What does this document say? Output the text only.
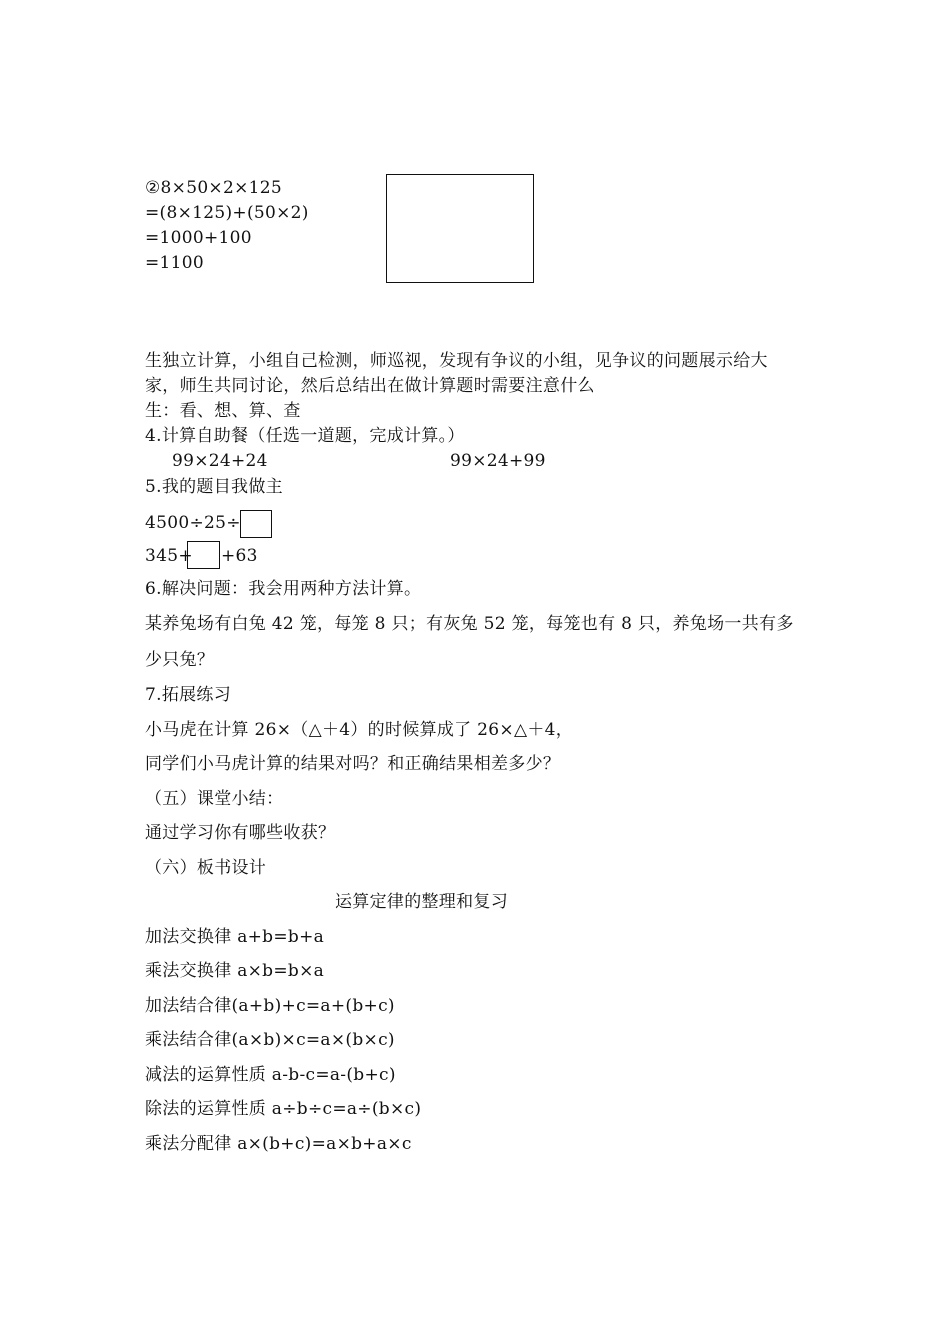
②8×50×2×125
=(8×125)+(50×2)
=1000+100
=1100
生独立计算，小组自己检测，师巡视，发现有争议的小组，见争议的问题展示给大
家，师生共同讨论，然后总结出在做计算题时需要注意什么
生：看、想、算、查
4.计算自助餐（任选一道题，完成计算。）
99×24+24	99×24+99
5.我的题目我做主
4500÷25÷
345+ +63
6.解决问题：我会用两种方法计算。
某养兔场有白兔 42 笼，每笼 8 只；有灰兔 52 笼，每笼也有 8 只，养兔场一共有多
少只兔？
7.拓展练习
小马虎在计算 26×（△＋4）的时候算成了 26×△＋4，
同学们小马虎计算的结果对吗？和正确结果相差多少？
（五）课堂小结：
通过学习你有哪些收获？
（六）板书设计
运算定律的整理和复习
加法交换律 a+b=b+a
乘法交换律 a×b=b×a
加法结合律(a+b)+c=a+(b+c)
乘法结合律(a×b)×c=a×(b×c)
减法的运算性质 a-b-c=a-(b+c)
除法的运算性质 a÷b÷c=a÷(b×c)
乘法分配律 a×(b+c)=a×b+a×c
